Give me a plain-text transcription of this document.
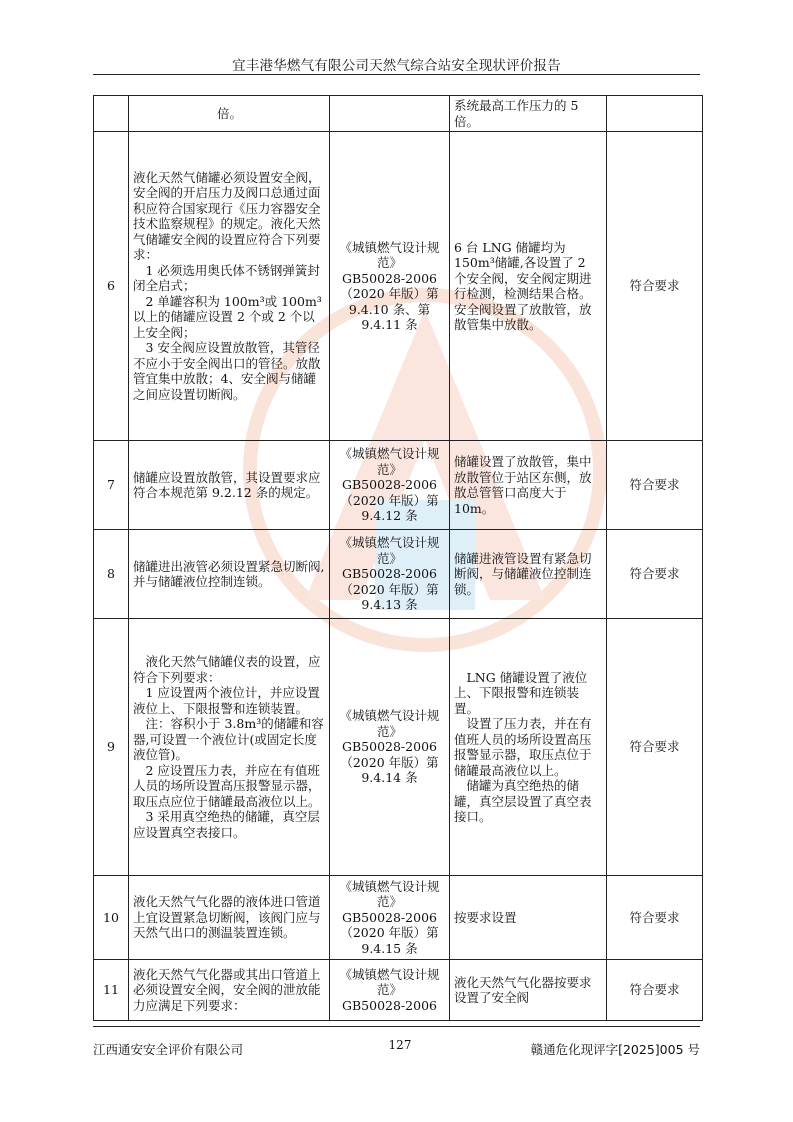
宜丰港华燃气有限公司天然气综合站安全现状评价报告

	倍。		系统最高工作压力的 5 倍。	

6	液化天然气储罐必须设置安全阀，安全阀的开启压力及阀口总通过面积应符合国家现行《压力容器安全技术监察规程》的规定。液化天然气储罐安全阀的设置应符合下列要求：
　1 必须选用奥氏体不锈钢弹簧封闭全启式；
　2 单罐容积为 100m³或 100m³以上的储罐应设置 2 个或 2 个以上安全阀；
　3 安全阀应设置放散管，其管径不应小于安全阀出口的管径。放散管宜集中放散；4、安全阀与储罐之间应设置切断阀。	《城镇燃气设计规范》
GB50028-2006
（2020 年版）第 9.4.10 条、第 9.4.11 条	6 台 LNG 储罐均为 150m³储罐,各设置了 2 个安全阀，安全阀定期进行检测，检测结果合格。安全阀设置了放散管，放散管集中放散。	符合要求
7	储罐应设置放散管，其设置要求应符合本规范第 9.2.12 条的规定。	《城镇燃气设计规范》
GB50028-2006
（2020 年版）第 9.4.12 条	储罐设置了放散管，集中放散管位于站区东侧，放散总管管口高度大于 10m。	符合要求
8	储罐进出液管必须设置紧急切断阀,并与储罐液位控制连锁。	《城镇燃气设计规范》
GB50028-2006
（2020 年版）第 9.4.13 条	储罐进液管设置有紧急切断阀，与储罐液位控制连锁。	符合要求
9	　液化天然气储罐仪表的设置，应符合下列要求：
　1 应设置两个液位计，并应设置液位上、下限报警和连锁装置。
　注：容积小于 3.8m³的储罐和容器,可设置一个液位计(或固定长度液位管)。
　2 应设置压力表，并应在有值班人员的场所设置高压报警显示器，取压点应位于储罐最高液位以上。
　3 采用真空绝热的储罐，真空层应设置真空表接口。	《城镇燃气设计规范》
GB50028-2006
（2020 年版）第 9.4.14 条	　LNG 储罐设置了液位上、下限报警和连锁装置。
　设置了压力表，并在有值班人员的场所设置高压报警显示器，取压点位于储罐最高液位以上。
　储罐为真空绝热的储罐，真空层设置了真空表接口。	符合要求
10	液化天然气气化器的液体进口管道上宜设置紧急切断阀，该阀门应与天然气出口的测温装置连锁。	《城镇燃气设计规范》
GB50028-2006
（2020 年版）第 9.4.15 条	按要求设置	符合要求
11	液化天然气气化器或其出口管道上必须设置安全阀，安全阀的泄放能力应满足下列要求：	《城镇燃气设计规范》
GB50028-2006	液化天然气气化器按要求设置了安全阀	符合要求
江西通安安全评价有限公司	127	赣通危化现评字[2025]005 号
